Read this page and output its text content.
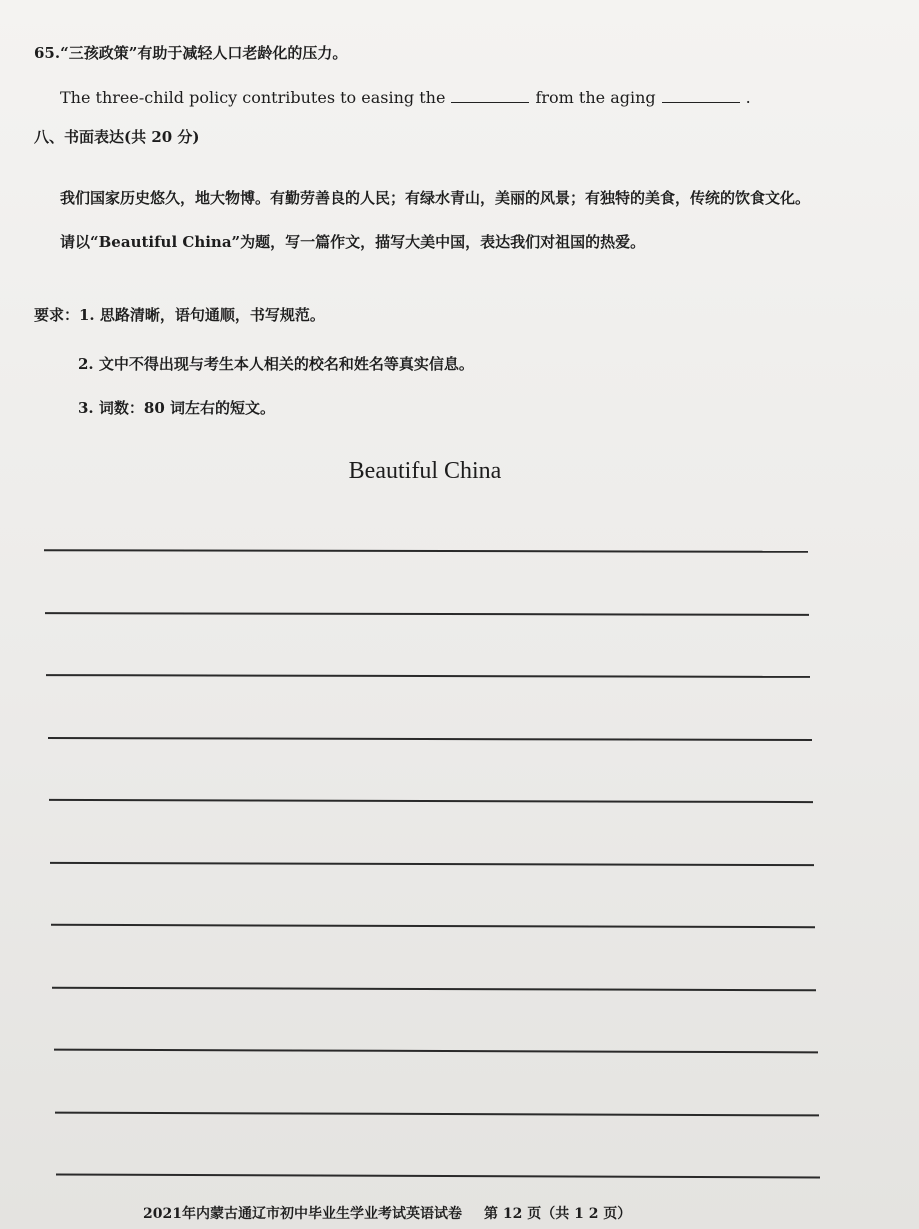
65.“三孩政策”有助于减轻人口老龄化的压力。
The three-child policy contributes to easing the	from the aging	.
八、书面表达(共 20 分)
我们国家历史悠久，地大物博。有勤劳善良的人民；有绿水青山，美丽的风景；有独特的美食，传统的饮食文化。请以“Beautiful China”为题，写一篇作文，描写大美中国，表达我们对祖国的热爱。
要求：1. 思路清晰，语句通顺，书写规范。
2. 文中不得出现与考生本人相关的校名和姓名等真实信息。
3. 词数：80 词左右的短文。
Beautiful China
2021年内蒙古通辽市初中毕业生学业考试英语试卷 第 12 页（共 1 2 页）
